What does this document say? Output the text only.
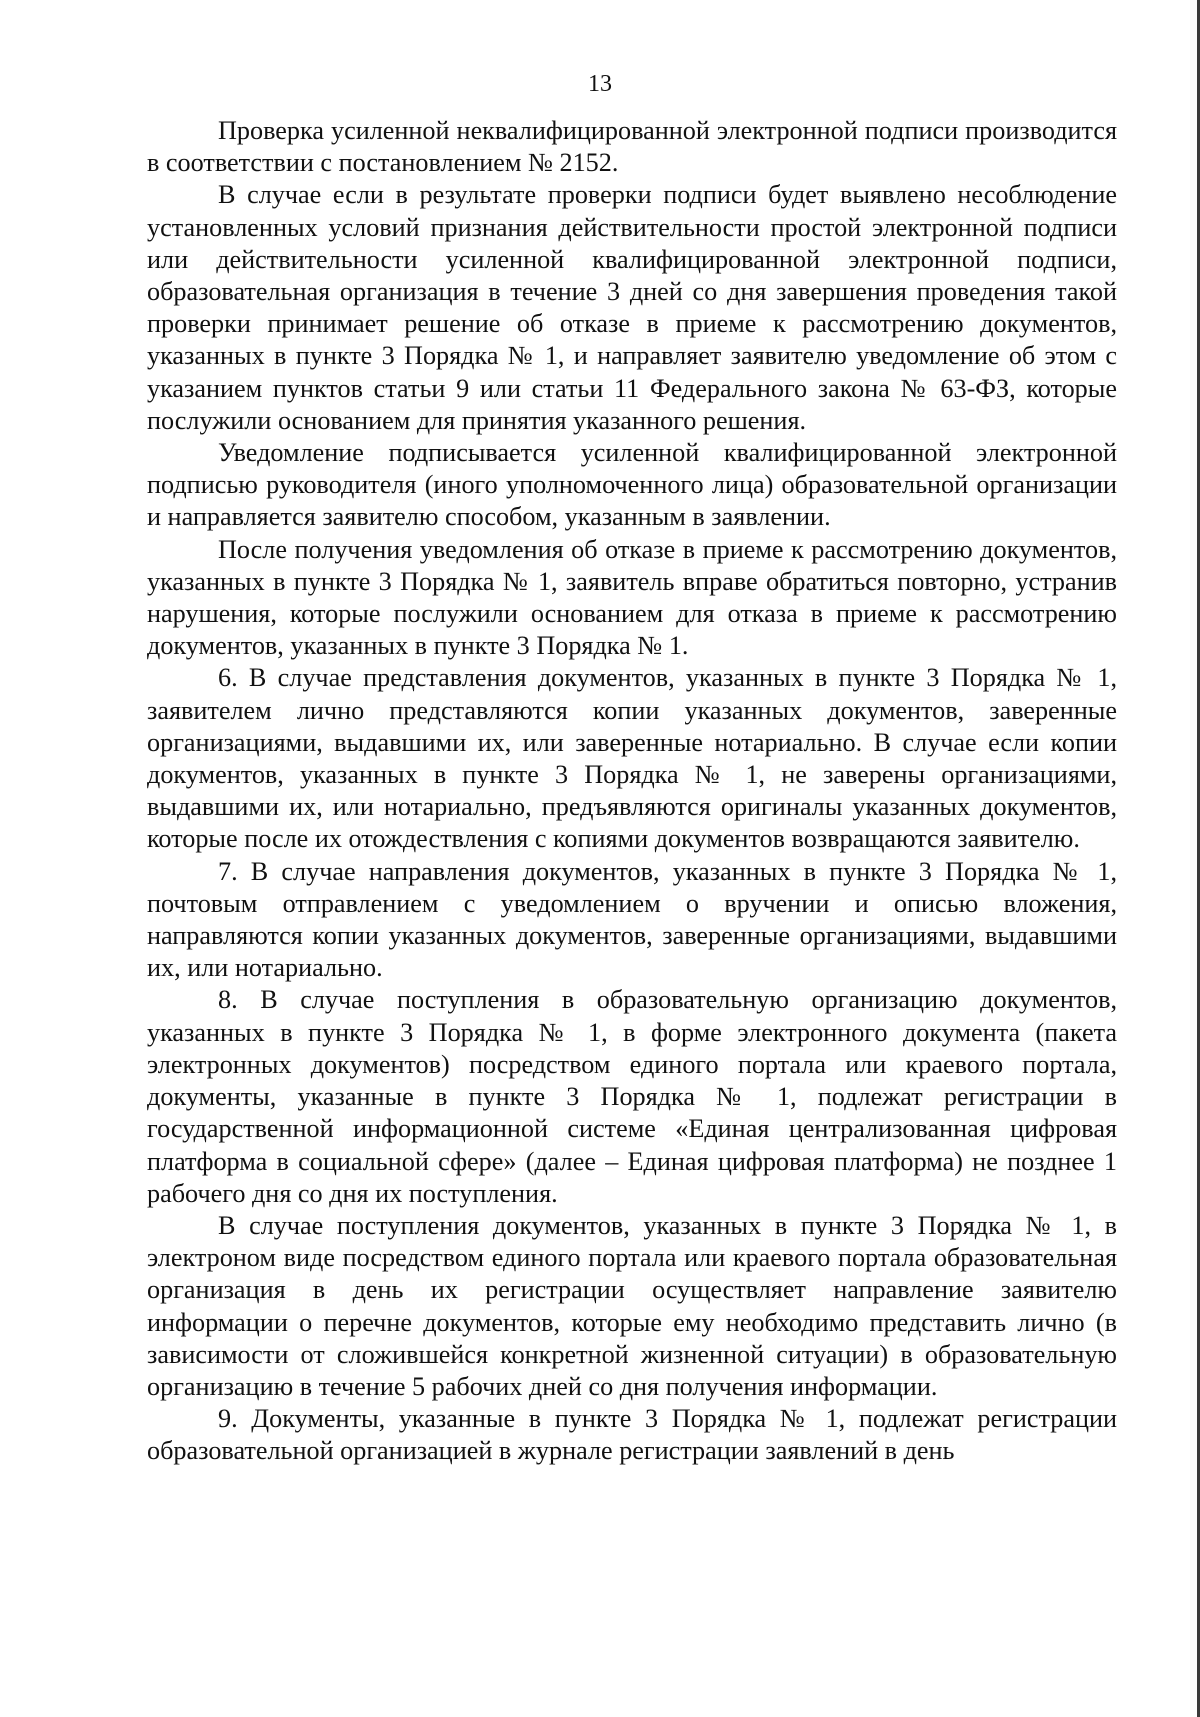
13

Проверка усиленной неквалифицированной электронной подписи производится в соответствии с постановлением № 2152.

В случае если в результате проверки подписи будет выявлено несоблюдение установленных условий признания действительности простой электронной подписи или действительности усиленной квалифицированной электронной подписи, образовательная организация в течение 3 дней со дня завершения проведения такой проверки принимает решение об отказе в приеме к рассмотрению документов, указанных в пункте 3 Порядка № 1, и направляет заявителю уведомление об этом с указанием пунктов статьи 9 или статьи 11 Федерального закона № 63-ФЗ, которые послужили основанием для принятия указанного решения.

Уведомление подписывается усиленной квалифицированной электронной подписью руководителя (иного уполномоченного лица) образовательной организации и направляется заявителю способом, указанным в заявлении.

После получения уведомления об отказе в приеме к рассмотрению документов, указанных в пункте 3 Порядка № 1, заявитель вправе обратиться повторно, устранив нарушения, которые послужили основанием для отказа в приеме к рассмотрению документов, указанных в пункте 3 Порядка № 1.

6. В случае представления документов, указанных в пункте 3 Порядка № 1, заявителем лично представляются копии указанных документов, заверенные организациями, выдавшими их, или заверенные нотариально. В случае если копии документов, указанных в пункте 3 Порядка № 1, не заверены организациями, выдавшими их, или нотариально, предъявляются оригиналы указанных документов, которые после их отождествления с копиями документов возвращаются заявителю.

7. В случае направления документов, указанных в пункте 3 Порядка № 1, почтовым отправлением с уведомлением о вручении и описью вложения, направляются копии указанных документов, заверенные организациями, выдавшими их, или нотариально.

8. В случае поступления в образовательную организацию документов, указанных в пункте 3 Порядка № 1, в форме электронного документа (пакета электронных документов) посредством единого портала или краевого портала, документы, указанные в пункте 3 Порядка № 1, подлежат регистрации в государственной информационной системе «Единая централизованная цифровая платформа в социальной сфере» (далее – Единая цифровая платформа) не позднее 1 рабочего дня со дня их поступления.

В случае поступления документов, указанных в пункте 3 Порядка № 1, в электроном виде посредством единого портала или краевого портала образовательная организация в день их регистрации осуществляет направление заявителю информации о перечне документов, которые ему необходимо представить лично (в зависимости от сложившейся конкретной жизненной ситуации) в образовательную организацию в течение 5 рабочих дней со дня получения информации.

9. Документы, указанные в пункте 3 Порядка № 1, подлежат регистрации образовательной организацией в журнале регистрации заявлений в день
